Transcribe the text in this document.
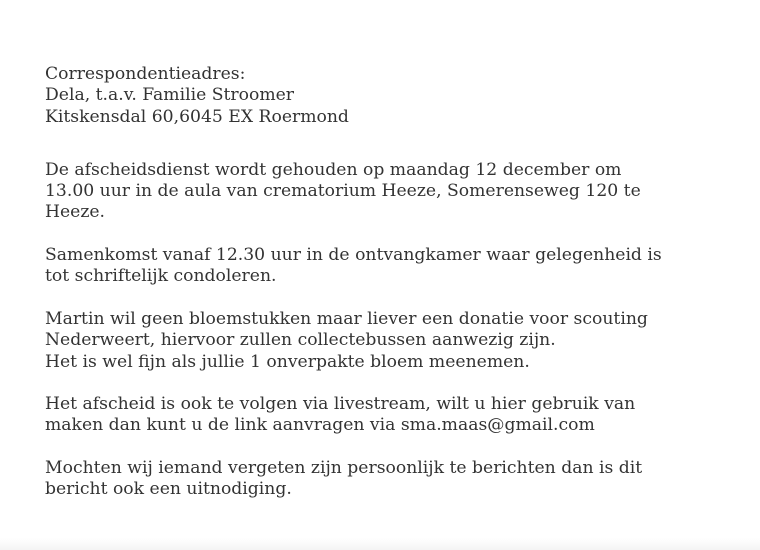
Correspondentieadres:
Dela, t.a.v. Familie Stroomer
Kitskensdal 60,6045 EX Roermond
De afscheidsdienst wordt gehouden op maandag 12 december om
13.00 uur in de aula van crematorium Heeze, Somerenseweg 120 te
Heeze.
Samenkomst vanaf 12.30 uur in de ontvangkamer waar gelegenheid is
tot schriftelijk condoleren.
Martin wil geen bloemstukken maar liever een donatie voor scouting
Nederweert, hiervoor zullen collectebussen aanwezig zijn.
Het is wel fijn als jullie 1 onverpakte bloem meenemen.
Het afscheid is ook te volgen via livestream, wilt u hier gebruik van
maken dan kunt u de link aanvragen via sma.maas@gmail.com
Mochten wij iemand vergeten zijn persoonlijk te berichten dan is dit
bericht ook een uitnodiging.
